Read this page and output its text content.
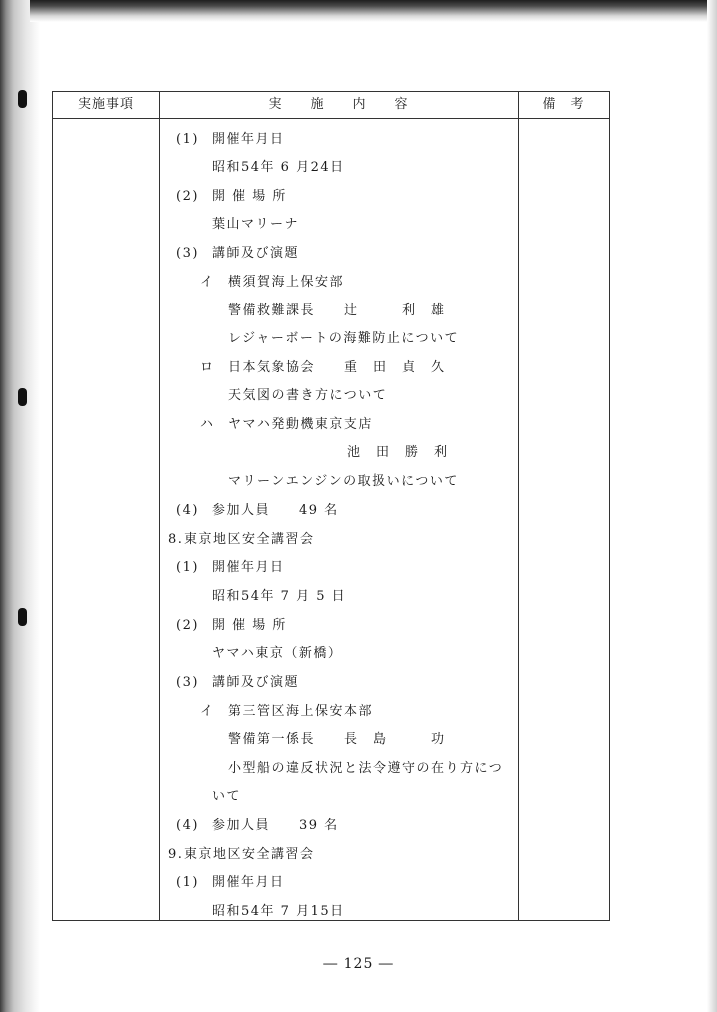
実施事項	実　　施　　内　　容	備　考
(1) 開催年月日
昭和54年 6 月24日
(2) 開 催 場 所
葉山マリーナ
(3) 講師及び演題
イ 横須賀海上保安部
警備救難課長　　辻　　　利　雄
レジャーボートの海難防止について
ロ 日本気象協会　　重　田　貞　久
天気図の書き方について
ハ ヤマハ発動機東京支店
池　田　勝　利
マリーンエンジンの取扱いについて
(4) 参加人員　　49 名
8.東京地区安全講習会
(1) 開催年月日
昭和54年 7 月 5 日
(2) 開 催 場 所
ヤマハ東京（新橋）
(3) 講師及び演題
イ 第三管区海上保安本部
警備第一係長　　長　島　　　功
小型船の違反状況と法令遵守の在り方につ
いて
(4) 参加人員　　39 名
9.東京地区安全講習会
(1) 開催年月日
昭和54年 7 月15日
― 125 ―
